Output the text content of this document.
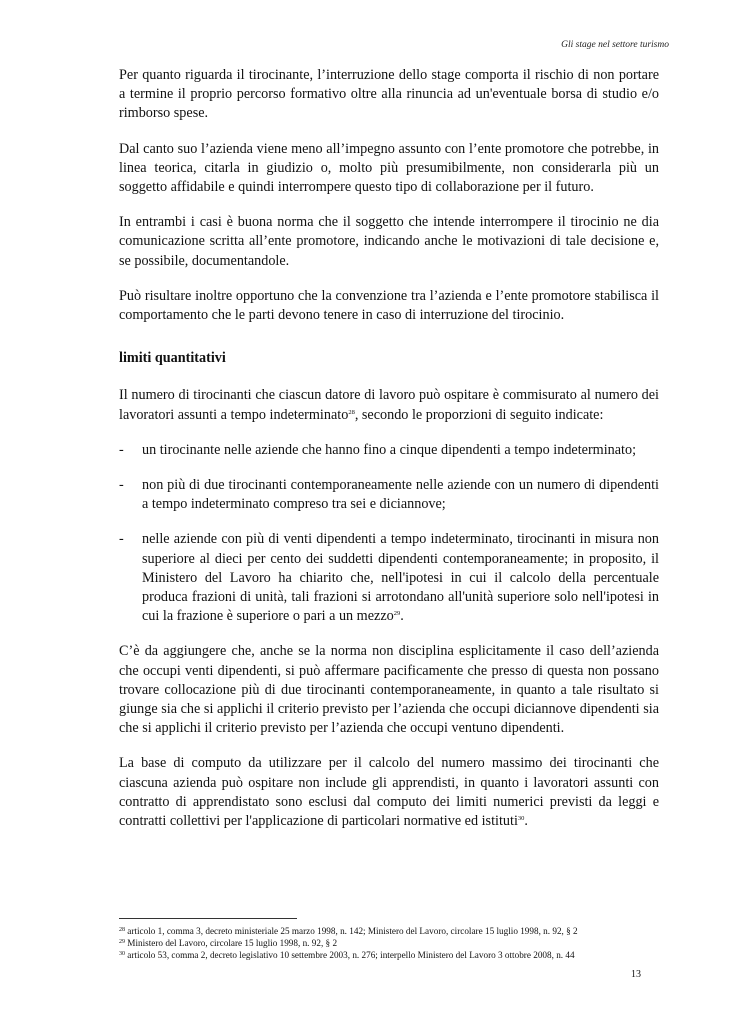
Gli stage nel settore turismo

Per quanto riguarda il tirocinante, l’interruzione dello stage comporta il rischio di non portare a termine il proprio percorso formativo oltre alla rinuncia ad un'eventuale borsa di studio e/o rimborso spese.

Dal canto suo l’azienda viene meno all’impegno assunto con l’ente promotore che potrebbe, in linea teorica, citarla in giudizio o, molto più presumibilmente, non considerarla più un soggetto affidabile e quindi interrompere questo tipo di collaborazione per il futuro.

In entrambi i casi è buona norma che il soggetto che intende interrompere il tirocinio ne dia comunicazione scritta all’ente promotore, indicando anche le motivazioni di tale decisione e, se possibile, documentandole.

Può risultare inoltre opportuno che la convenzione tra l’azienda e l’ente promotore stabilisca il comportamento che le parti devono tenere in caso di interruzione del tirocinio.

limiti quantitativi

Il numero di tirocinanti che ciascun datore di lavoro può ospitare è commisurato al numero dei lavoratori assunti a tempo indeterminato$^{28}$, secondo le proporzioni di seguito indicate:

- un tirocinante nelle aziende che hanno fino a cinque dipendenti a tempo indeterminato;
- non più di due tirocinanti contemporaneamente nelle aziende con un numero di dipendenti a tempo indeterminato compreso tra sei e diciannove;
- nelle aziende con più di venti dipendenti a tempo indeterminato, tirocinanti in misura non superiore al dieci per cento dei suddetti dipendenti contemporaneamente; in proposito, il Ministero del Lavoro ha chiarito che, nell'ipotesi in cui il calcolo della percentuale produca frazioni di unità, tali frazioni si arrotondano all'unità superiore solo nell'ipotesi in cui la frazione è superiore o pari a un mezzo$^{29}$.

C’è da aggiungere che, anche se la norma non disciplina esplicitamente il caso dell’azienda che occupi venti dipendenti, si può affermare pacificamente che presso di questa non possano trovare collocazione più di due tirocinanti contemporaneamente, in quanto a tale risultato si giunge sia che si applichi il criterio previsto per l’azienda che occupi diciannove dipendenti sia che si applichi il criterio previsto per l’azienda che occupi ventuno dipendenti.

La base di computo da utilizzare per il calcolo del numero massimo dei tirocinanti che ciascuna azienda può ospitare non include gli apprendisti, in quanto i lavoratori assunti con contratto di apprendistato sono esclusi dal computo dei limiti numerici previsti da leggi e contratti collettivi per l'applicazione di particolari normative ed istituti$^{30}$.

$^{28}$ articolo 1, comma 3, decreto ministeriale 25 marzo 1998, n. 142; Ministero del Lavoro, circolare 15 luglio 1998, n. 92, § 2
$^{29}$ Ministero del Lavoro, circolare 15 luglio 1998, n. 92, § 2
$^{30}$ articolo 53, comma 2, decreto legislativo 10 settembre 2003, n. 276; interpello Ministero del Lavoro 3 ottobre 2008, n. 44
13
